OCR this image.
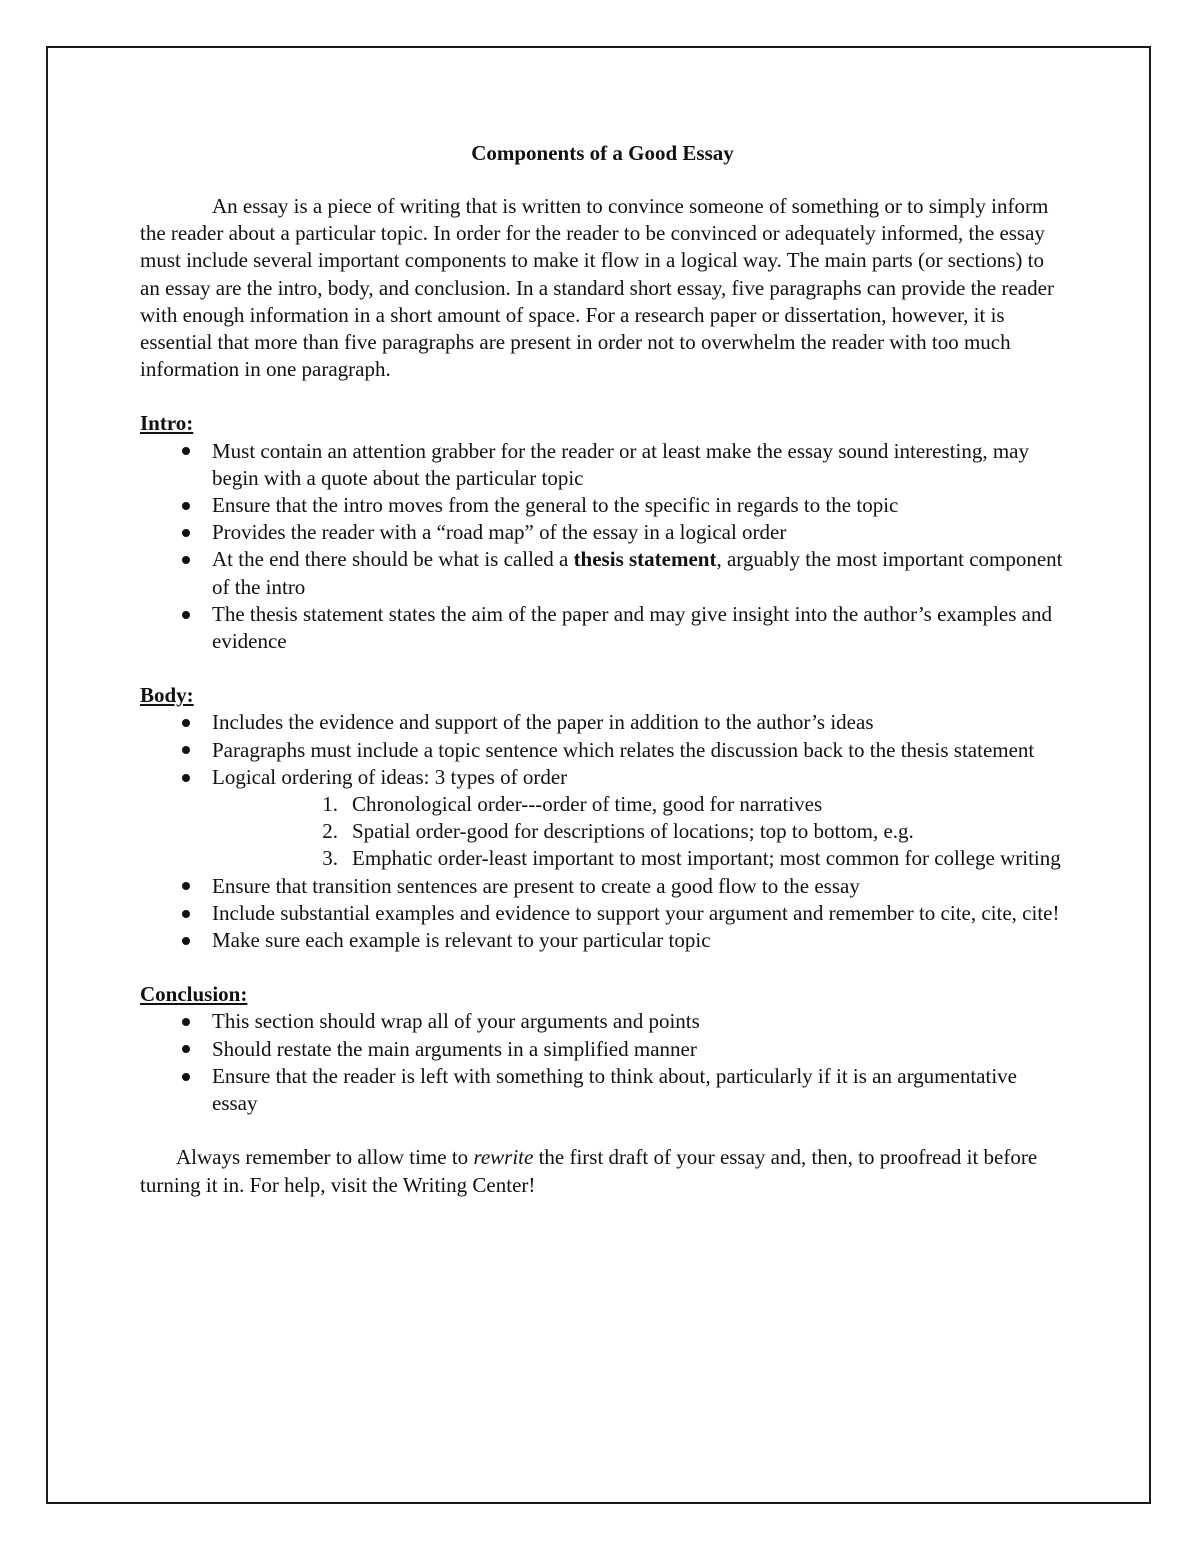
Components of a Good Essay

An essay is a piece of writing that is written to convince someone of something or to simply inform the reader about a particular topic. In order for the reader to be convinced or adequately informed, the essay must include several important components to make it flow in a logical way. The main parts (or sections) to an essay are the intro, body, and conclusion. In a standard short essay, five paragraphs can provide the reader with enough information in a short amount of space. For a research paper or dissertation, however, it is essential that more than five paragraphs are present in order not to overwhelm the reader with too much information in one paragraph.

Intro:
Must contain an attention grabber for the reader or at least make the essay sound interesting, may begin with a quote about the particular topic
Ensure that the intro moves from the general to the specific in regards to the topic
Provides the reader with a “road map” of the essay in a logical order
At the end there should be what is called a thesis statement, arguably the most important component of the intro
The thesis statement states the aim of the paper and may give insight into the author’s examples and evidence
Body:
Includes the evidence and support of the paper in addition to the author’s ideas
Paragraphs must include a topic sentence which relates the discussion back to the thesis statement
Logical ordering of ideas: 3 types of order
1. Chronological order---order of time, good for narratives
2. Spatial order-good for descriptions of locations; top to bottom, e.g.
3. Emphatic order-least important to most important; most common for college writing
Ensure that transition sentences are present to create a good flow to the essay
Include substantial examples and evidence to support your argument and remember to cite, cite, cite!
Make sure each example is relevant to your particular topic
Conclusion:
This section should wrap all of your arguments and points
Should restate the main arguments in a simplified manner
Ensure that the reader is left with something to think about, particularly if it is an argumentative essay

Always remember to allow time to rewrite the first draft of your essay and, then, to proofread it before turning it in. For help, visit the Writing Center!
